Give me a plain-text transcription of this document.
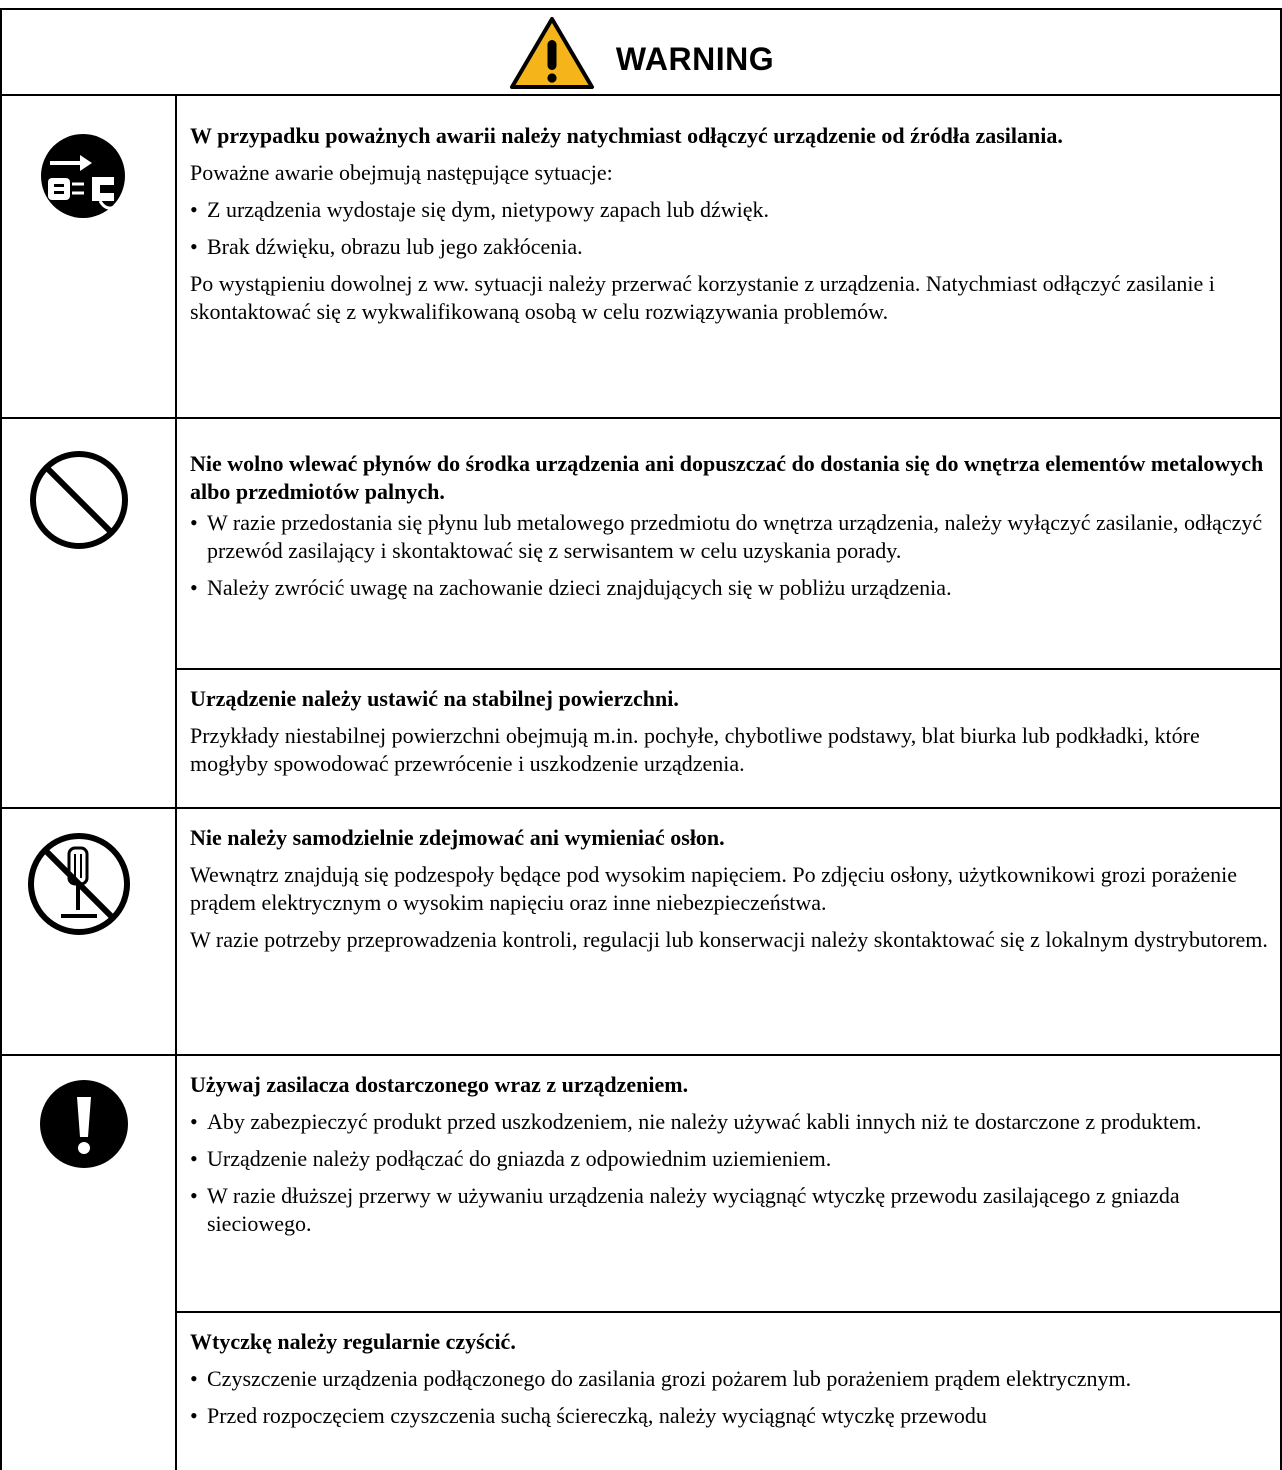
WARNING

W przypadku poważnych awarii należy natychmiast odłączyć urządzenie od źródła zasilania.

Poważne awarie obejmują następujące sytuacje:

• Z urządzenia wydostaje się dym, nietypowy zapach lub dźwięk.

• Brak dźwięku, obrazu lub jego zakłócenia.

Po wystąpieniu dowolnej z ww. sytuacji należy przerwać korzystanie z urządzenia. Natychmiast odłączyć zasilanie i skontaktować się z wykwalifikowaną osobą w celu rozwiązywania problemów.

Nie wolno wlewać płynów do środka urządzenia ani dopuszczać do dostania się do wnętrza elementów metalowych albo przedmiotów palnych.

• W razie przedostania się płynu lub metalowego przedmiotu do wnętrza urządzenia, należy wyłączyć zasilanie, odłączyć przewód zasilający i skontaktować się z serwisantem w celu uzyskania porady.

• Należy zwrócić uwagę na zachowanie dzieci znajdujących się w pobliżu urządzenia.

Urządzenie należy ustawić na stabilnej powierzchni.

Przykłady niestabilnej powierzchni obejmują m.in. pochyłe, chybotliwe podstawy, blat biurka lub podkładki, które mogłyby spowodować przewrócenie i uszkodzenie urządzenia.

Nie należy samodzielnie zdejmować ani wymieniać osłon.

Wewnątrz znajdują się podzespoły będące pod wysokim napięciem. Po zdjęciu osłony, użytkownikowi grozi porażenie prądem elektrycznym o wysokim napięciu oraz inne niebezpieczeństwa.

W razie potrzeby przeprowadzenia kontroli, regulacji lub konserwacji należy skontaktować się z lokalnym dystrybutorem.

Używaj zasilacza dostarczonego wraz z urządzeniem.

• Aby zabezpieczyć produkt przed uszkodzeniem, nie należy używać kabli innych niż te dostarczone z produktem.

• Urządzenie należy podłączać do gniazda z odpowiednim uziemieniem.

• W razie dłuższej przerwy w używaniu urządzenia należy wyciągnąć wtyczkę przewodu zasilającego z gniazda sieciowego.

Wtyczkę należy regularnie czyścić.

• Czyszczenie urządzenia podłączonego do zasilania grozi pożarem lub porażeniem prądem elektrycznym.

• Przed rozpoczęciem czyszczenia suchą ściereczką, należy wyciągnąć wtyczkę przewodu
